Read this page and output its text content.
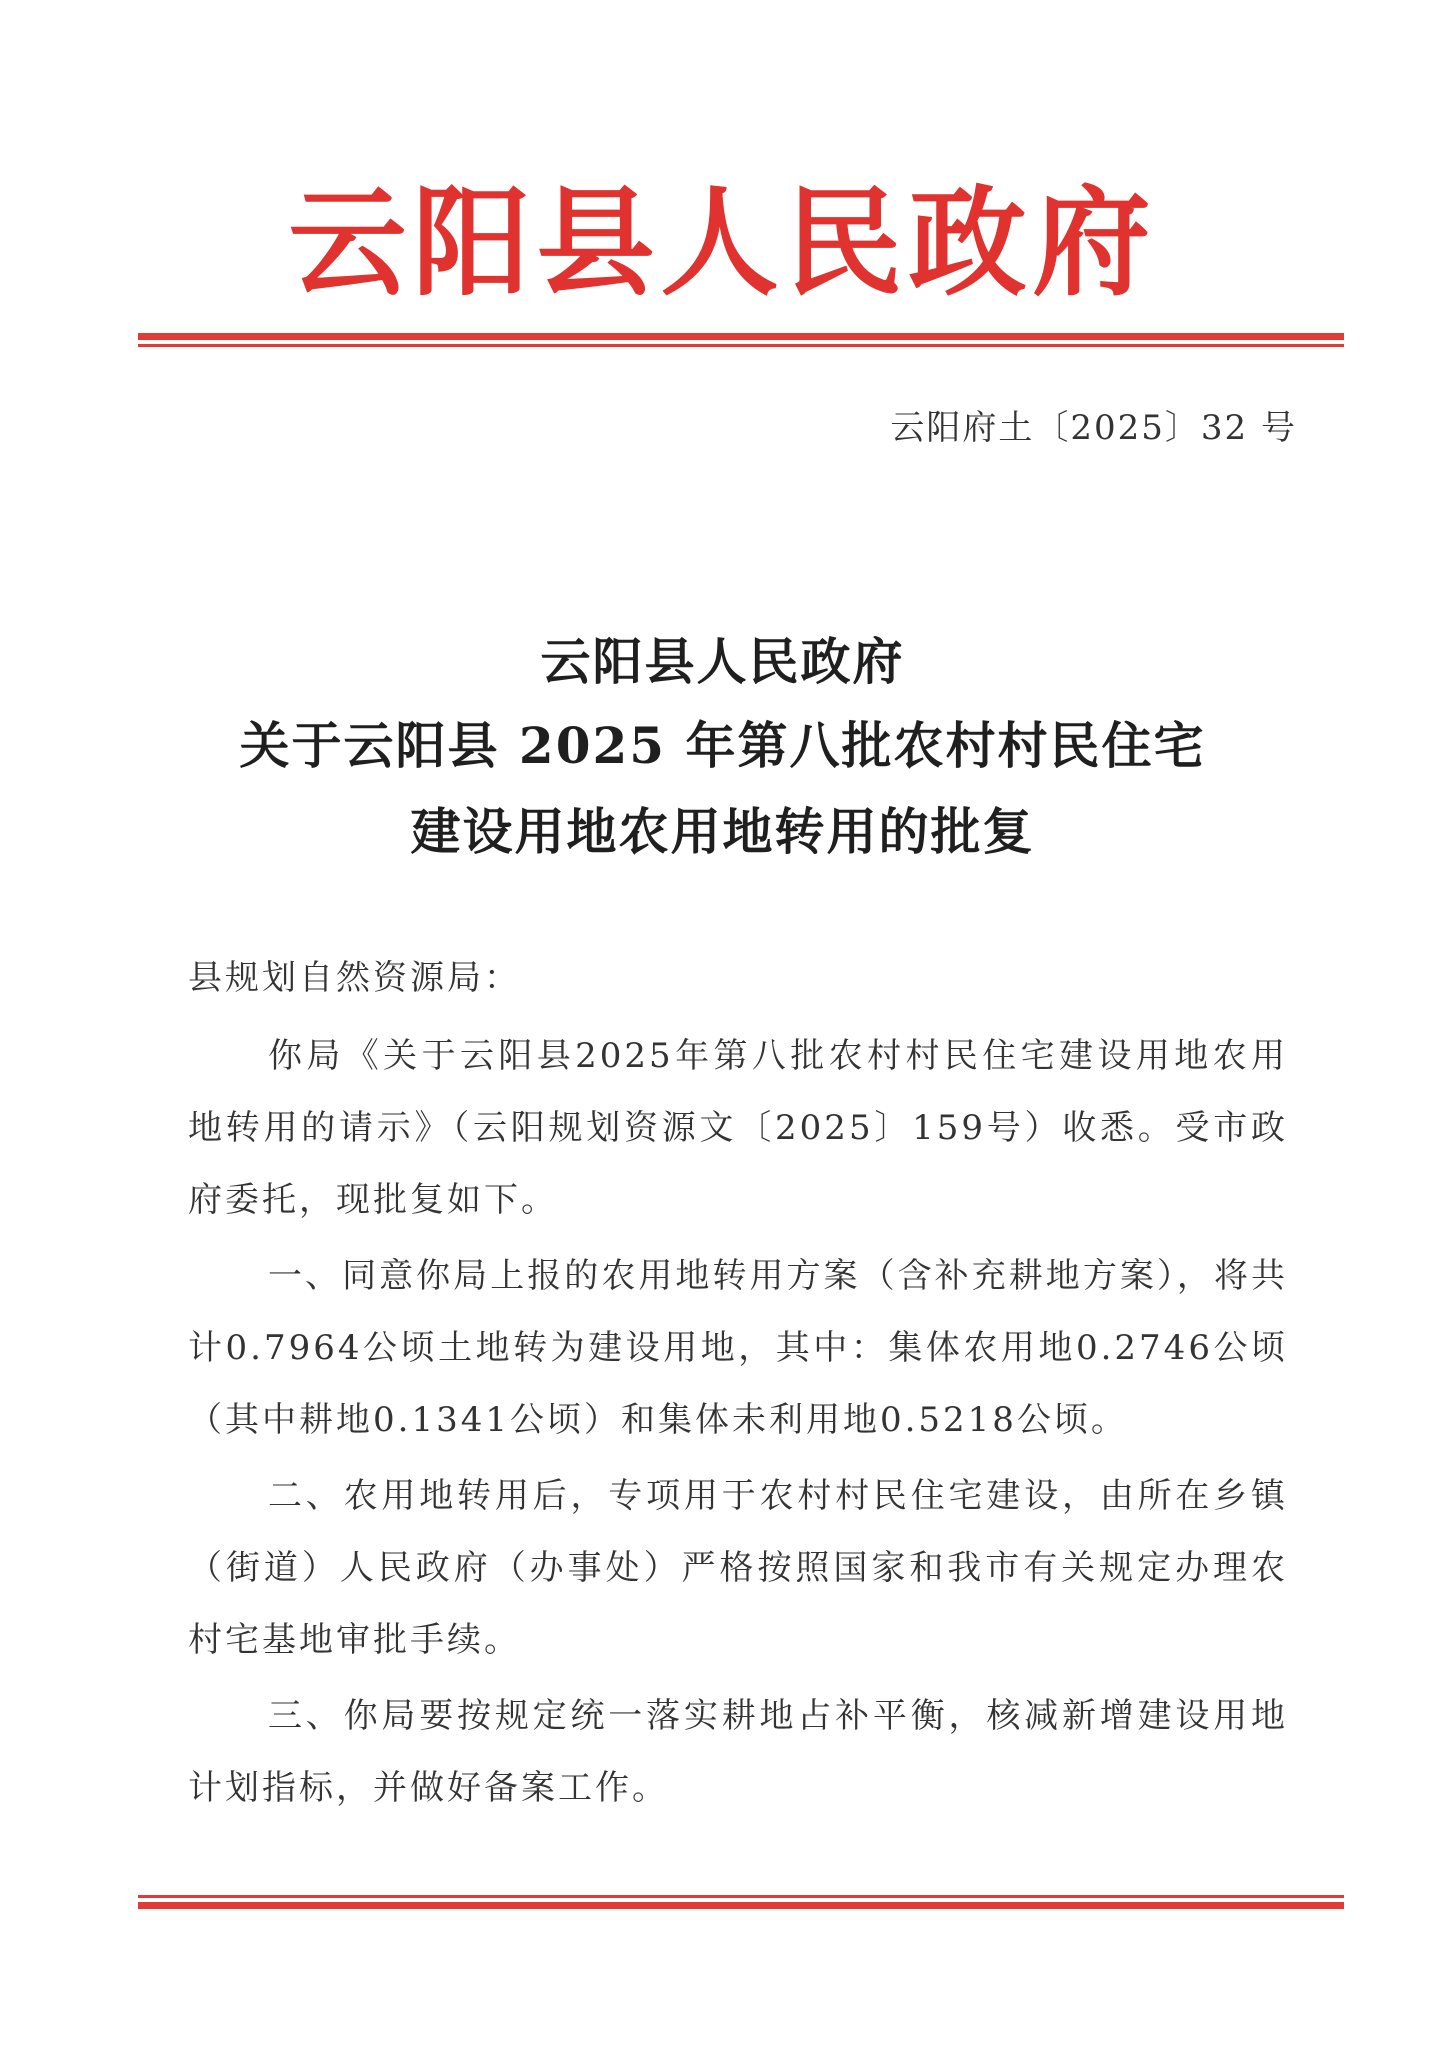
云阳县人民政府
云阳府土〔2025〕32 号
云阳县人民政府
关于云阳县 2025 年第八批农村村民住宅
建设用地农用地转用的批复
县规划自然资源局：

你局《关于云阳县2025年第八批农村村民住宅建设用地农用地转用的请示》（云阳规划资源文〔2025〕159号）收悉。受市政府委托，现批复如下。

一、同意你局上报的农用地转用方案（含补充耕地方案），将共计0.7964公顷土地转为建设用地，其中：集体农用地0.2746公顷（其中耕地0.1341公顷）和集体未利用地0.5218公顷。

二、农用地转用后，专项用于农村村民住宅建设，由所在乡镇（街道）人民政府（办事处）严格按照国家和我市有关规定办理农村宅基地审批手续。

三、你局要按规定统一落实耕地占补平衡，核减新增建设用地计划指标，并做好备案工作。
